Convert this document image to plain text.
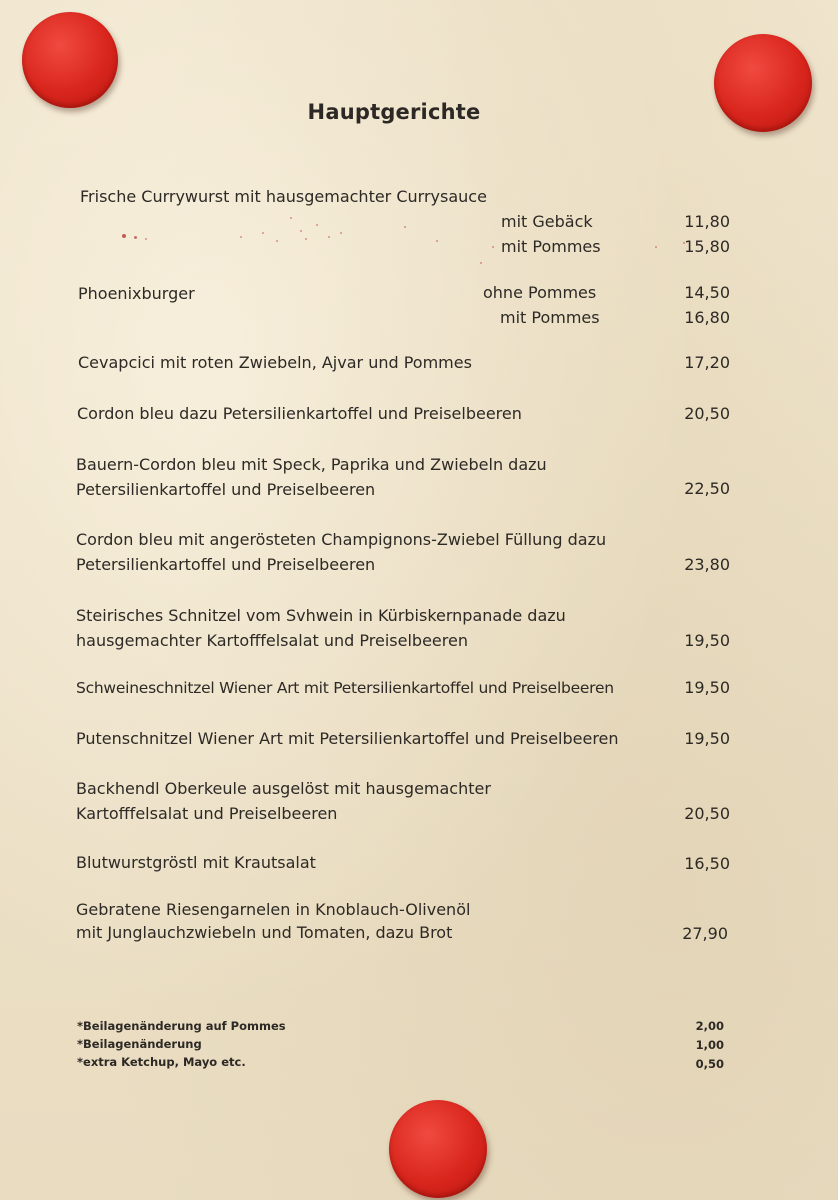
Hauptgerichte
Frische Currywurst mit hausgemachter Currysauce
mit Gebäck	11,80
mit Pommes	15,80
Phoenixburger	ohne Pommes	14,50
mit Pommes	16,80
Cevapcici mit roten Zwiebeln, Ajvar und Pommes	17,20
Cordon bleu dazu Petersilienkartoffel und Preiselbeeren	20,50
Bauern-Cordon bleu mit Speck, Paprika und Zwiebeln dazu
Petersilienkartoffel und Preiselbeeren	22,50
Cordon bleu mit angerösteten Champignons-Zwiebel Füllung dazu
Petersilienkartoffel und Preiselbeeren	23,80
Steirisches Schnitzel vom Svhwein in Kürbiskernpanade dazu
hausgemachter Kartofffelsalat und Preiselbeeren	19,50
Schweineschnitzel Wiener Art mit Petersilienkartoffel und Preiselbeeren	19,50
Putenschnitzel Wiener Art mit Petersilienkartoffel und Preiselbeeren	19,50
Backhendl Oberkeule ausgelöst mit hausgemachter
Kartofffelsalat und Preiselbeeren	20,50
Blutwurstgröstl mit Krautsalat	16,50
Gebratene Riesengarnelen in Knoblauch-Olivenöl
mit Junglauchzwiebeln und Tomaten, dazu Brot	27,90
*Beilagenänderung auf Pommes	2,00
*Beilagenänderung	1,00
*extra Ketchup, Mayo etc.	0,50
